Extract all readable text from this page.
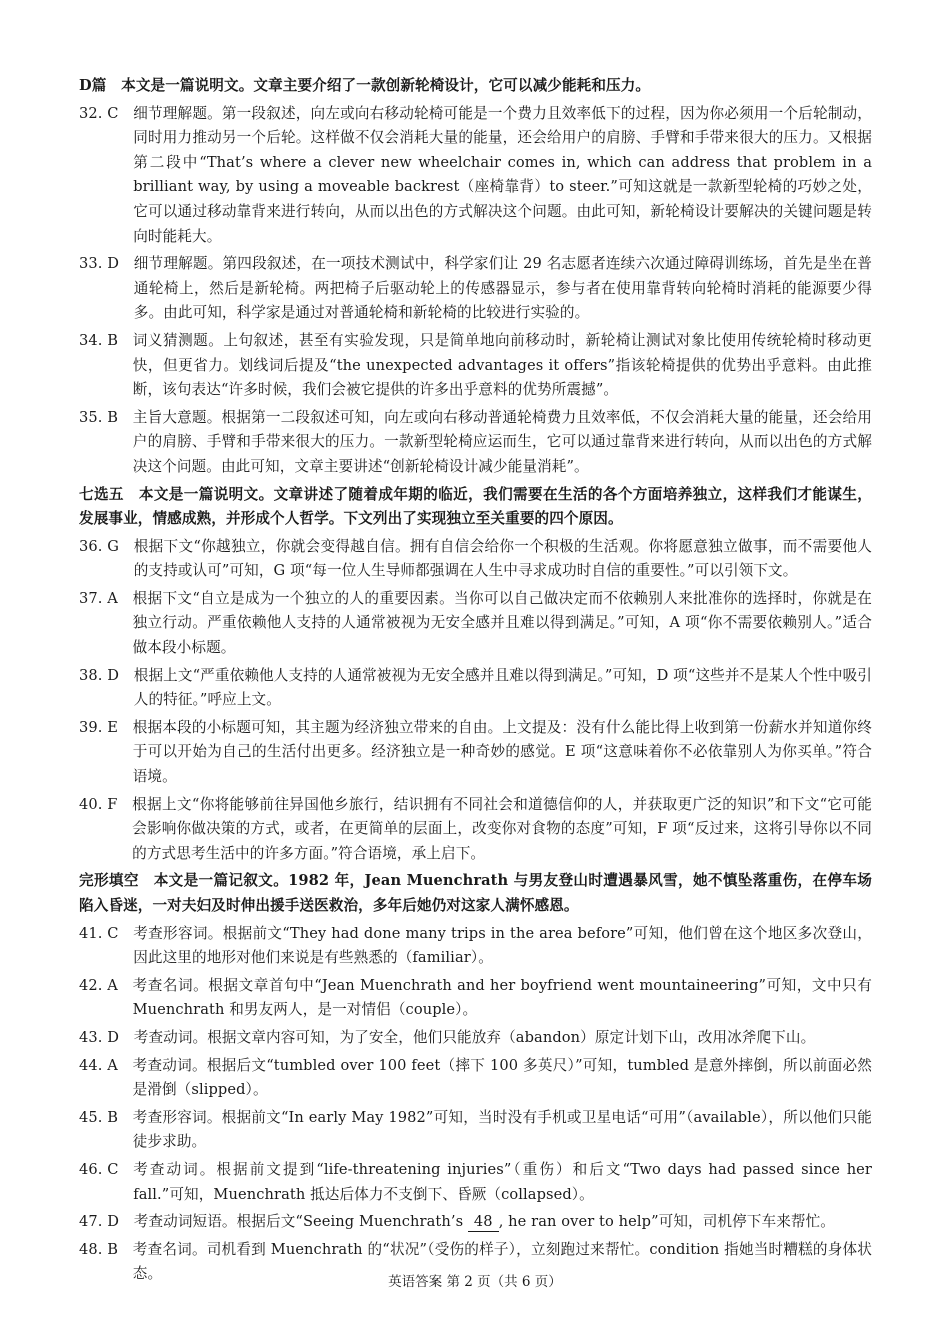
D篇　本文是一篇说明文。文章主要介绍了一款创新轮椅设计，它可以减少能耗和压力。

32. C　 细节理解题。第一段叙述，向左或向右移动轮椅可能是一个费力且效率低下的过程，因为你必须用一个后轮制动，同时用力推动另一个后轮。这样做不仅会消耗大量的能量，还会给用户的肩膀、手臂和手带来很大的压力。又根据第二段中“That’s where a clever new wheelchair comes in, which can address that problem in a brilliant way, by using a moveable backrest（座椅靠背）to steer.”可知这就是一款新型轮椅的巧妙之处，它可以通过移动靠背来进行转向，从而以出色的方式解决这个问题。由此可知，新轮椅设计要解决的关键问题是转向时能耗大。
33. D　 细节理解题。第四段叙述，在一项技术测试中，科学家们让 29 名志愿者连续六次通过障碍训练场，首先是坐在普通轮椅上，然后是新轮椅。两把椅子后驱动轮上的传感器显示，参与者在使用靠背转向轮椅时消耗的能源要少得多。由此可知，科学家是通过对普通轮椅和新轮椅的比较进行实验的。
34. B　 词义猜测题。上句叙述，甚至有实验发现，只是简单地向前移动时，新轮椅让测试对象比使用传统轮椅时移动更快，但更省力。划线词后提及“the unexpected advantages it offers”指该轮椅提供的优势出乎意料。由此推断，该句表达“许多时候，我们会被它提供的许多出乎意料的优势所震撼”。
35. B　 主旨大意题。根据第一二段叙述可知，向左或向右移动普通轮椅费力且效率低，不仅会消耗大量的能量，还会给用户的肩膀、手臂和手带来很大的压力。一款新型轮椅应运而生，它可以通过靠背来进行转向，从而以出色的方式解决这个问题。由此可知，文章主要讲述“创新轮椅设计减少能量消耗”。

七选五　本文是一篇说明文。文章讲述了随着成年期的临近，我们需要在生活的各个方面培养独立，这样我们才能谋生，发展事业，情感成熟，并形成个人哲学。下文列出了实现独立至关重要的四个原因。

36. G　 根据下文“你越独立，你就会变得越自信。拥有自信会给你一个积极的生活观。你将愿意独立做事，而不需要他人的支持或认可”可知，G 项“每一位人生导师都强调在人生中寻求成功时自信的重要性。”可以引领下文。
37. A　 根据下文“自立是成为一个独立的人的重要因素。当你可以自己做决定而不依赖别人来批准你的选择时，你就是在独立行动。严重依赖他人支持的人通常被视为无安全感并且难以得到满足。”可知，A 项“你不需要依赖别人。”适合做本段小标题。
38. D　 根据上文“严重依赖他人支持的人通常被视为无安全感并且难以得到满足。”可知，D 项“这些并不是某人个性中吸引人的特征。”呼应上文。
39. E　 根据本段的小标题可知，其主题为经济独立带来的自由。上文提及：没有什么能比得上收到第一份薪水并知道你终于可以开始为自己的生活付出更多。经济独立是一种奇妙的感觉。E 项“这意味着你不必依靠别人为你买单。”符合语境。
40. F　 根据上文“你将能够前往异国他乡旅行，结识拥有不同社会和道德信仰的人，并获取更广泛的知识”和下文“它可能会影响你做决策的方式，或者，在更简单的层面上，改变你对食物的态度”可知，F 项“反过来，这将引导你以不同的方式思考生活中的许多方面。”符合语境，承上启下。

完形填空　本文是一篇记叙文。1982 年，Jean Muenchrath 与男友登山时遭遇暴风雪，她不慎坠落重伤，在停车场陷入昏迷，一对夫妇及时伸出援手送医救治，多年后她仍对这家人满怀感恩。

41. C　 考查形容词。根据前文“They had done many trips in the area before”可知，他们曾在这个地区多次登山，因此这里的地形对他们来说是有些熟悉的（familiar）。
42. A　 考查名词。根据文章首句中“Jean Muenchrath and her boyfriend went mountaineering”可知，文中只有 Muenchrath 和男友两人，是一对情侣（couple）。
43. D　 考查动词。根据文章内容可知，为了安全，他们只能放弃（abandon）原定计划下山，改用冰斧爬下山。
44. A　 考查动词。根据后文“tumbled over 100 feet（摔下 100 多英尺）”可知，tumbled 是意外摔倒，所以前面必然是滑倒（slipped）。
45. B　 考查形容词。根据前文“In early May 1982”可知，当时没有手机或卫星电话“可用”（available），所以他们只能徒步求助。
46. C　 考查动词。根据前文提到“life-threatening injuries”（重伤）和后文“Two days had passed since her fall.”可知，Muenchrath 抵达后体力不支倒下、昏厥（collapsed）。
47. D　 考查动词短语。根据后文“Seeing Muenchrath’s 48 , he ran over to help”可知，司机停下车来帮忙。
48. B　 考查名词。司机看到 Muenchrath 的“状况”（受伤的样子），立刻跑过来帮忙。condition 指她当时糟糕的身体状态。	英语答案 第 2 页（共 6 页）
